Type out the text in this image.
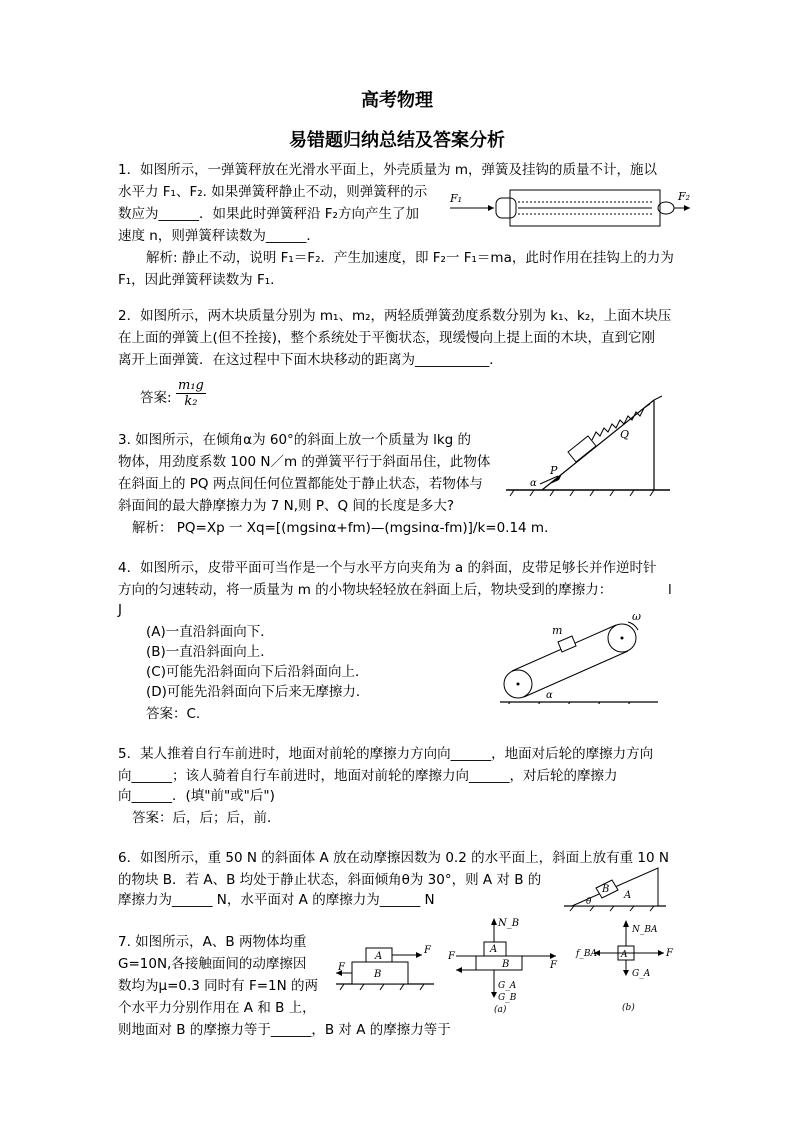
高考物理
易错题归纳总结及答案分析
1．如图所示，一弹簧秤放在光滑水平面上，外壳质量为 m，弹簧及挂钩的质量不计，施以
水平力 F₁、F₂. 如果弹簧秤静止不动，则弹簧秤的示
数应为______．如果此时弹簧秤沿 F₂方向产生了加
速度 n，则弹簧秤读数为______．
解析: 静止不动，说明 F₁＝F₂．产生加速度，即 F₂一 F₁＝ma，此时作用在挂钩上的力为
F₁，因此弹簧秤读数为 F₁.
F₁	F₂
2．如图所示，两木块质量分别为 m₁、m₂，两轻质弹簧劲度系数分别为 k₁、k₂，上面木块压
在上面的弹簧上(但不拴接)，整个系统处于平衡状态，现缓慢向上提上面的木块，直到它刚
离开上面弹簧．在这过程中下面木块移动的距离为___________．
答案: $\frac{\text{m₁g}}{\text{k₂}}$
3. 如图所示，在倾角α为 60°的斜面上放一个质量为 lkg 的
物体，用劲度系数 100 N／m 的弹簧平行于斜面吊住，此物体
在斜面上的 PQ 两点间任何位置都能处于静止状态，若物体与
斜面间的最大静摩擦力为 7 N,则 P、Q 间的长度是多大?
解析： PQ=Xp 一 Xq=[(mgsinα+fm)—(mgsinα-fm)]/k=0.14 m．
Q
P
α
4．如图所示，皮带平面可当作是一个与水平方向夹角为 a 的斜面，皮带足够长并作逆时针
方向的匀速转动，将一质量为 m 的小物块轻轻放在斜面上后，物块受到的摩擦力：	l
J
(A)一直沿斜面向下．
(B)一直沿斜面向上．
(C)可能先沿斜面向下后沿斜面向上．
(D)可能先沿斜面向下后来无摩擦力．
答案：C.
m
ω
α
5．某人推着自行车前进时，地面对前轮的摩擦力方向向______，地面对后轮的摩擦力方向
向______；该人骑着自行车前进时，地面对前轮的摩擦力向______，对后轮的摩擦力
向______．(填"前"或"后")
答案：后，后；后，前．
6．如图所示，重 50 N 的斜面体 A 放在动摩擦因数为 0.2 的水平面上，斜面上放有重 10 N
的物块 B．若 A、B 均处于静止状态，斜面倾角θ为 30°，则 A 对 B 的
摩擦力为______ N，水平面对 A 的摩擦力为______ N
B
A
θ
7. 如图所示，A、B 两物体均重
G=10N,各接触面间的动摩擦因
数均为μ=0.3 同时有 F=1N 的两
个水平力分别作用在 A 和 B 上，
则地面对 B 的摩擦力等于______，B 对 A 的摩擦力等于
A
B
F
F
N_B
A
B
F
F
G_A
G_B
(a)
N_BA
A
f_BA	F
G_A
(b)
